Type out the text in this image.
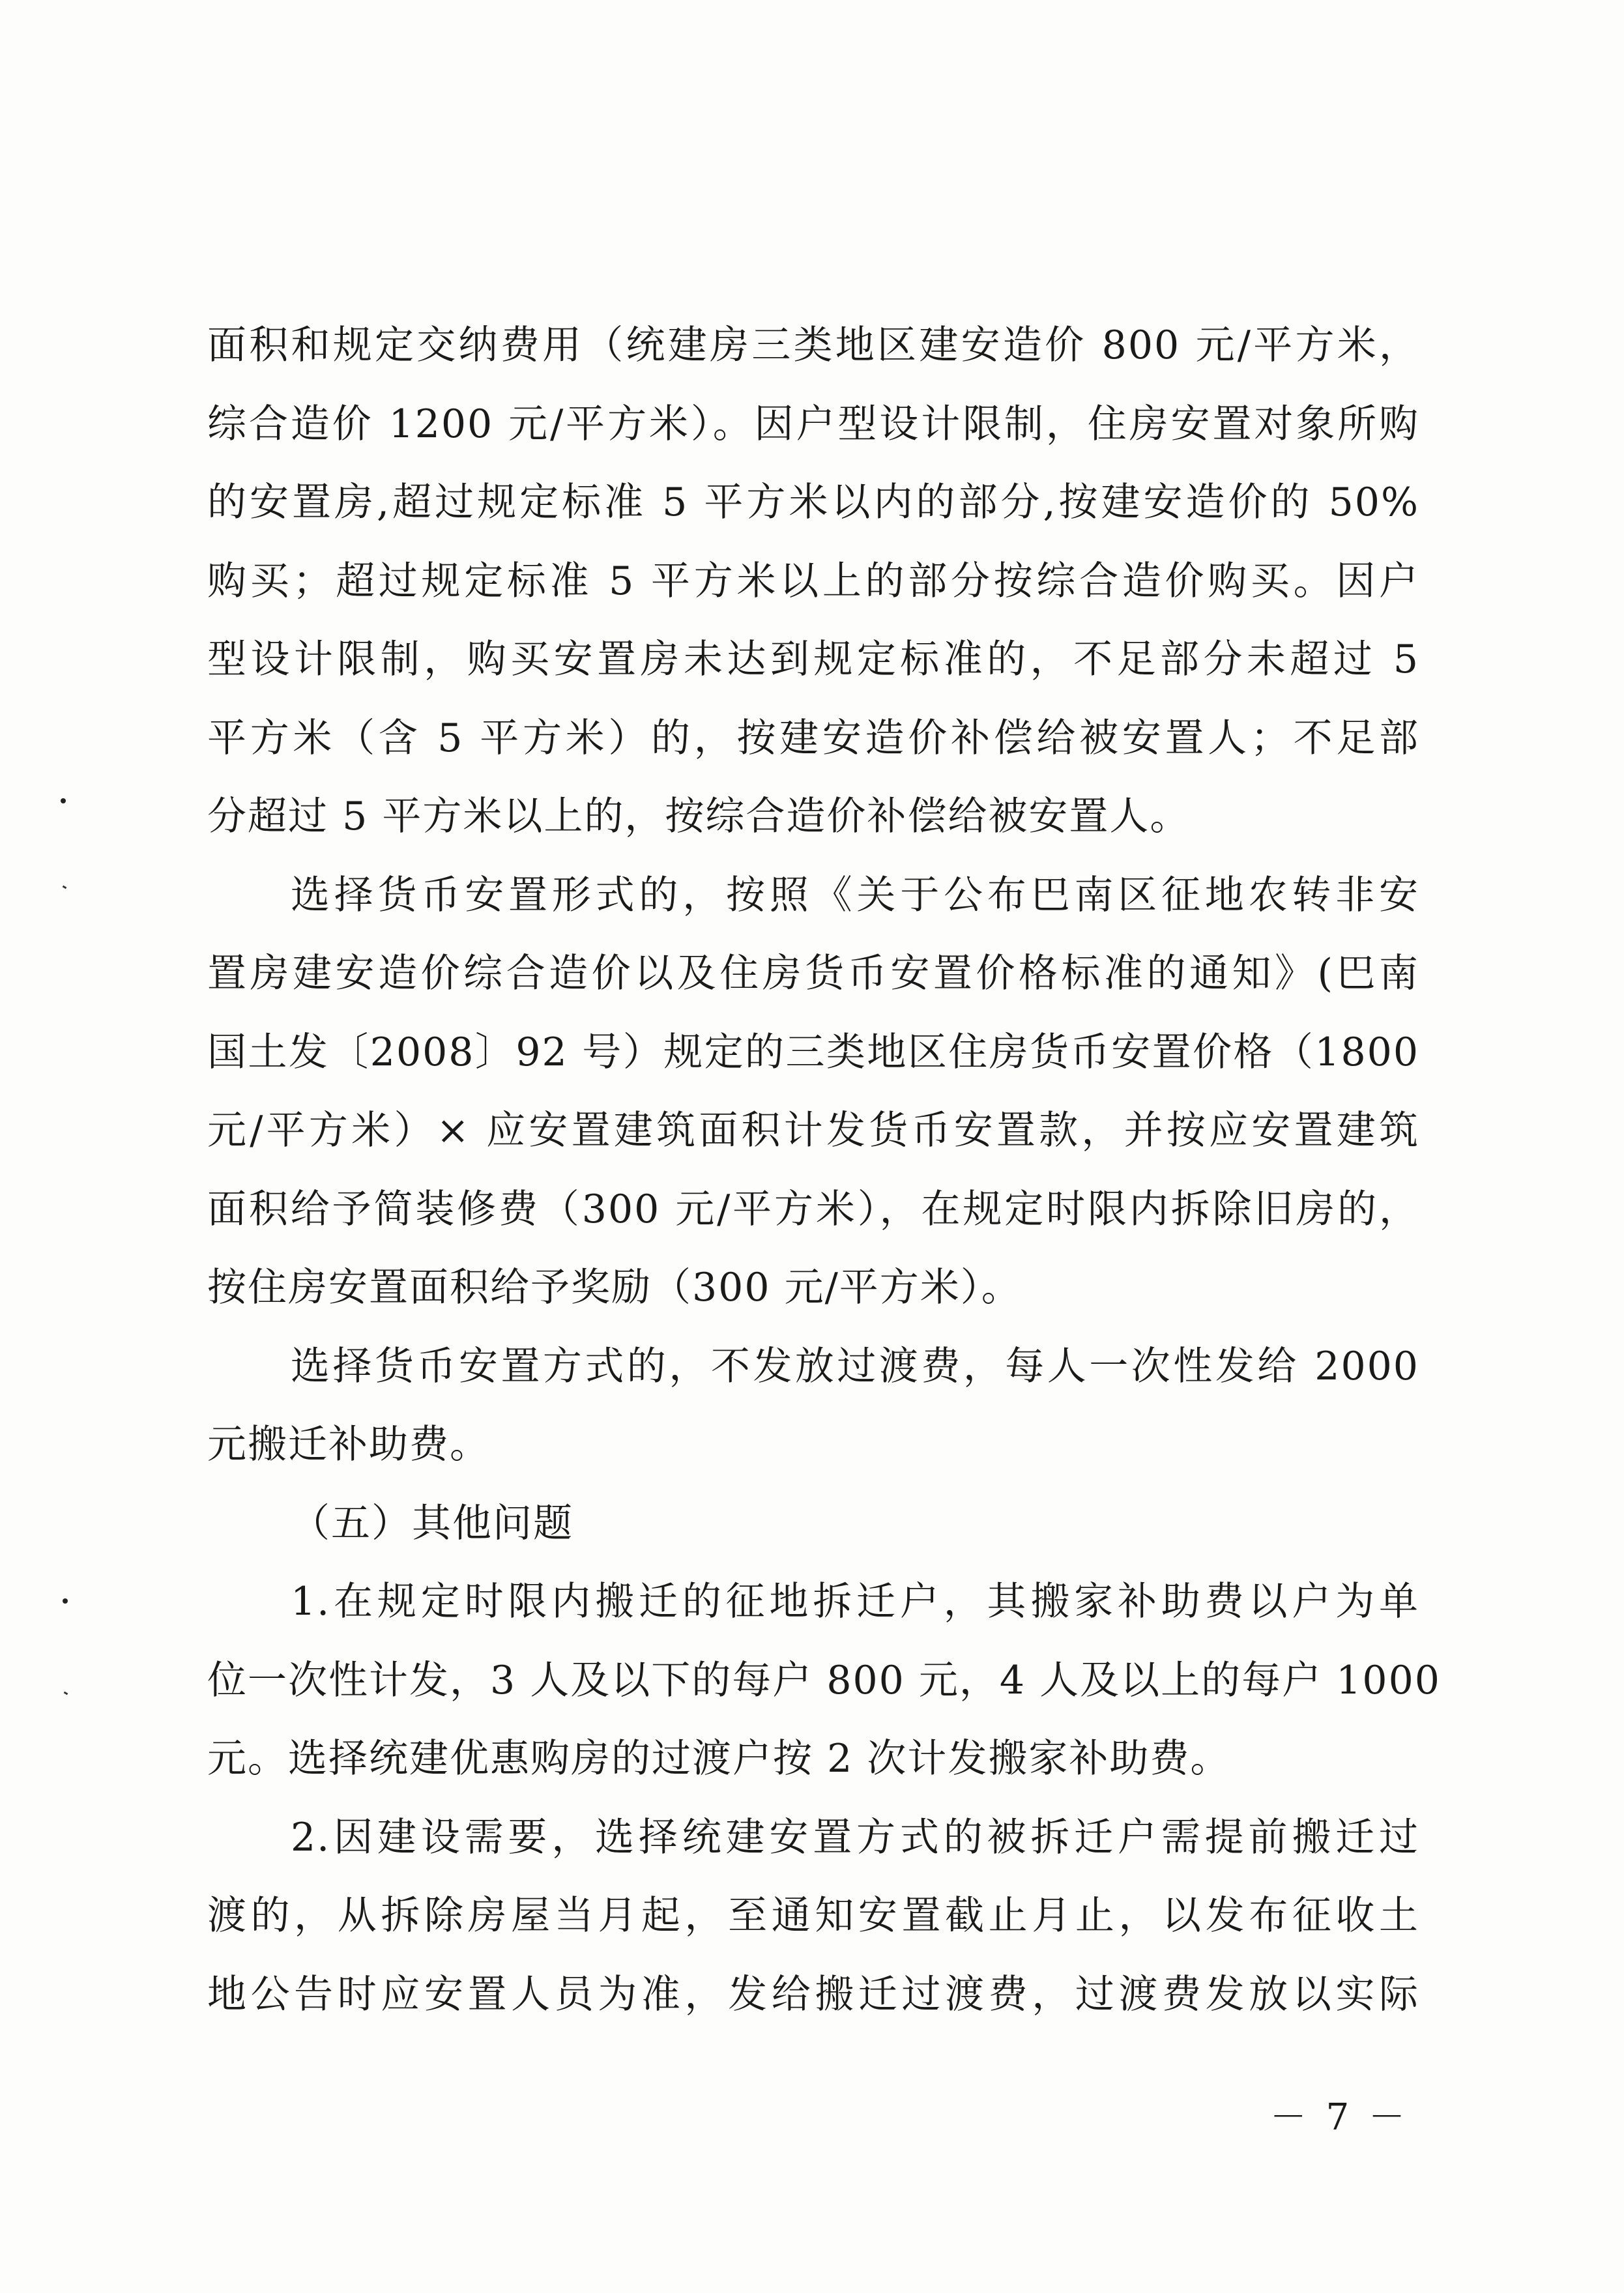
面积和规定交纳费用（统建房三类地区建安造价 800 元/平方米，
综合造价 1200 元/平方米）。因户型设计限制，住房安置对象所购
的安置房,超过规定标准 5 平方米以内的部分,按建安造价的 50%
购买；超过规定标准 5 平方米以上的部分按综合造价购买。因户
型设计限制，购买安置房未达到规定标准的，不足部分未超过 5
平方米（含 5 平方米）的，按建安造价补偿给被安置人；不足部
分超过 5 平方米以上的，按综合造价补偿给被安置人。
选择货币安置形式的，按照《关于公布巴南区征地农转非安
置房建安造价综合造价以及住房货币安置价格标准的通知》(巴南
国土发〔2008〕92 号）规定的三类地区住房货币安置价格（1800
元/平方米）× 应安置建筑面积计发货币安置款，并按应安置建筑
面积给予简装修费（300 元/平方米），在规定时限内拆除旧房的，
按住房安置面积给予奖励（300 元/平方米）。
选择货币安置方式的，不发放过渡费，每人一次性发给 2000
元搬迁补助费。
（五）其他问题
1.在规定时限内搬迁的征地拆迁户，其搬家补助费以户为单
位一次性计发，3 人及以下的每户 800 元，4 人及以上的每户 1000
元。选择统建优惠购房的过渡户按 2 次计发搬家补助费。
2.因建设需要，选择统建安置方式的被拆迁户需提前搬迁过
渡的，从拆除房屋当月起，至通知安置截止月止，以发布征收土
地公告时应安置人员为准，发给搬迁过渡费，过渡费发放以实际
－ 7 －
